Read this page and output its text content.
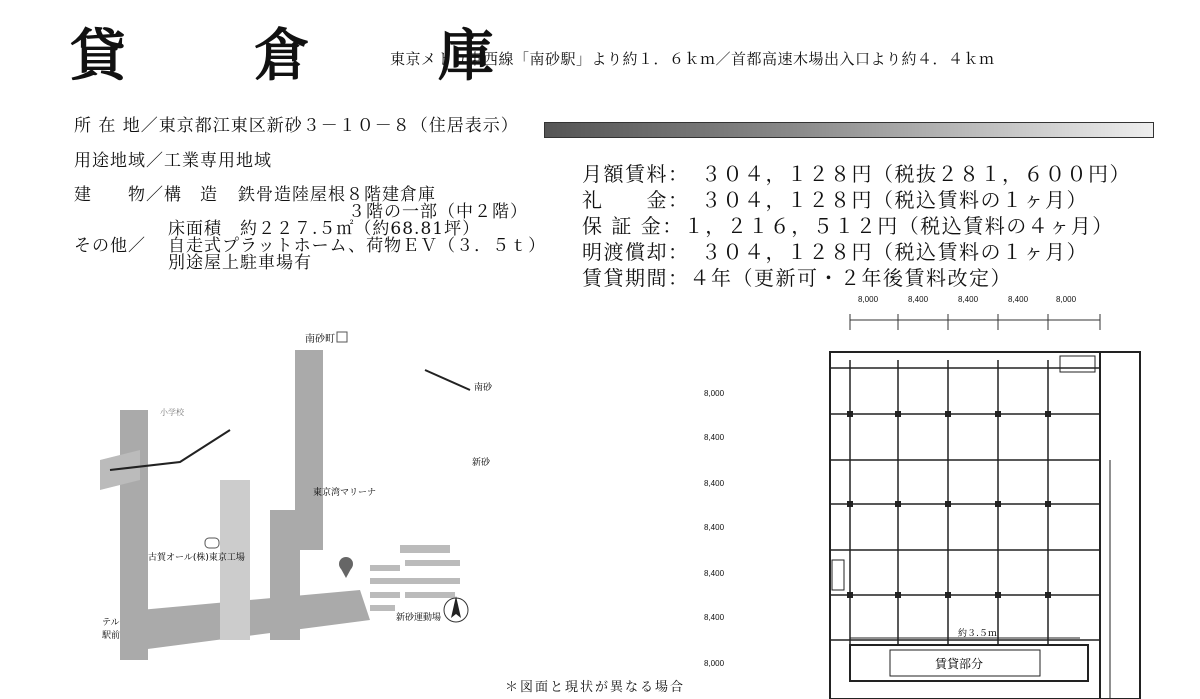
貸　倉　庫
東京メトロ東西線「南砂駅」より約１．６ｋｍ／首都高速木場出入口より約４．４ｋｍ
所 在 地／東京都江東区新砂３－１０－８（住居表示）
用途地域／工業専用地域
建　　物／構　造 鉄骨造陸屋根８階建倉庫
３階の一部（中２階）
床面積　約２２７.５㎡（約68.81坪）
その他／ 自走式プラットホーム、荷物ＥＶ（３．５ｔ）
別途屋上駐車場有
月額賃料：　３０４，１２８円（税抜２８１，６００円）
礼　　金：　３０４，１２８円（税込賃料の１ヶ月）
保 証 金：１，２１６，５１２円（税込賃料の４ヶ月）
明渡償却：　３０４，１２８円（税込賃料の１ヶ月）
賃貸期間：４年（更新可・２年後賃料改定）
南砂町
東京湾マリーナ
古賀オール(株)東京工場
新砂運動場
テル
駅前
南砂
新砂
小学校
8,000	8,400	8,400	8,400	8,000
8,000
8,400
8,400
8,400
8,400
8,400
8,000
約３.５ｍ
賃貸部分
＊図面と現状が異なる場合
